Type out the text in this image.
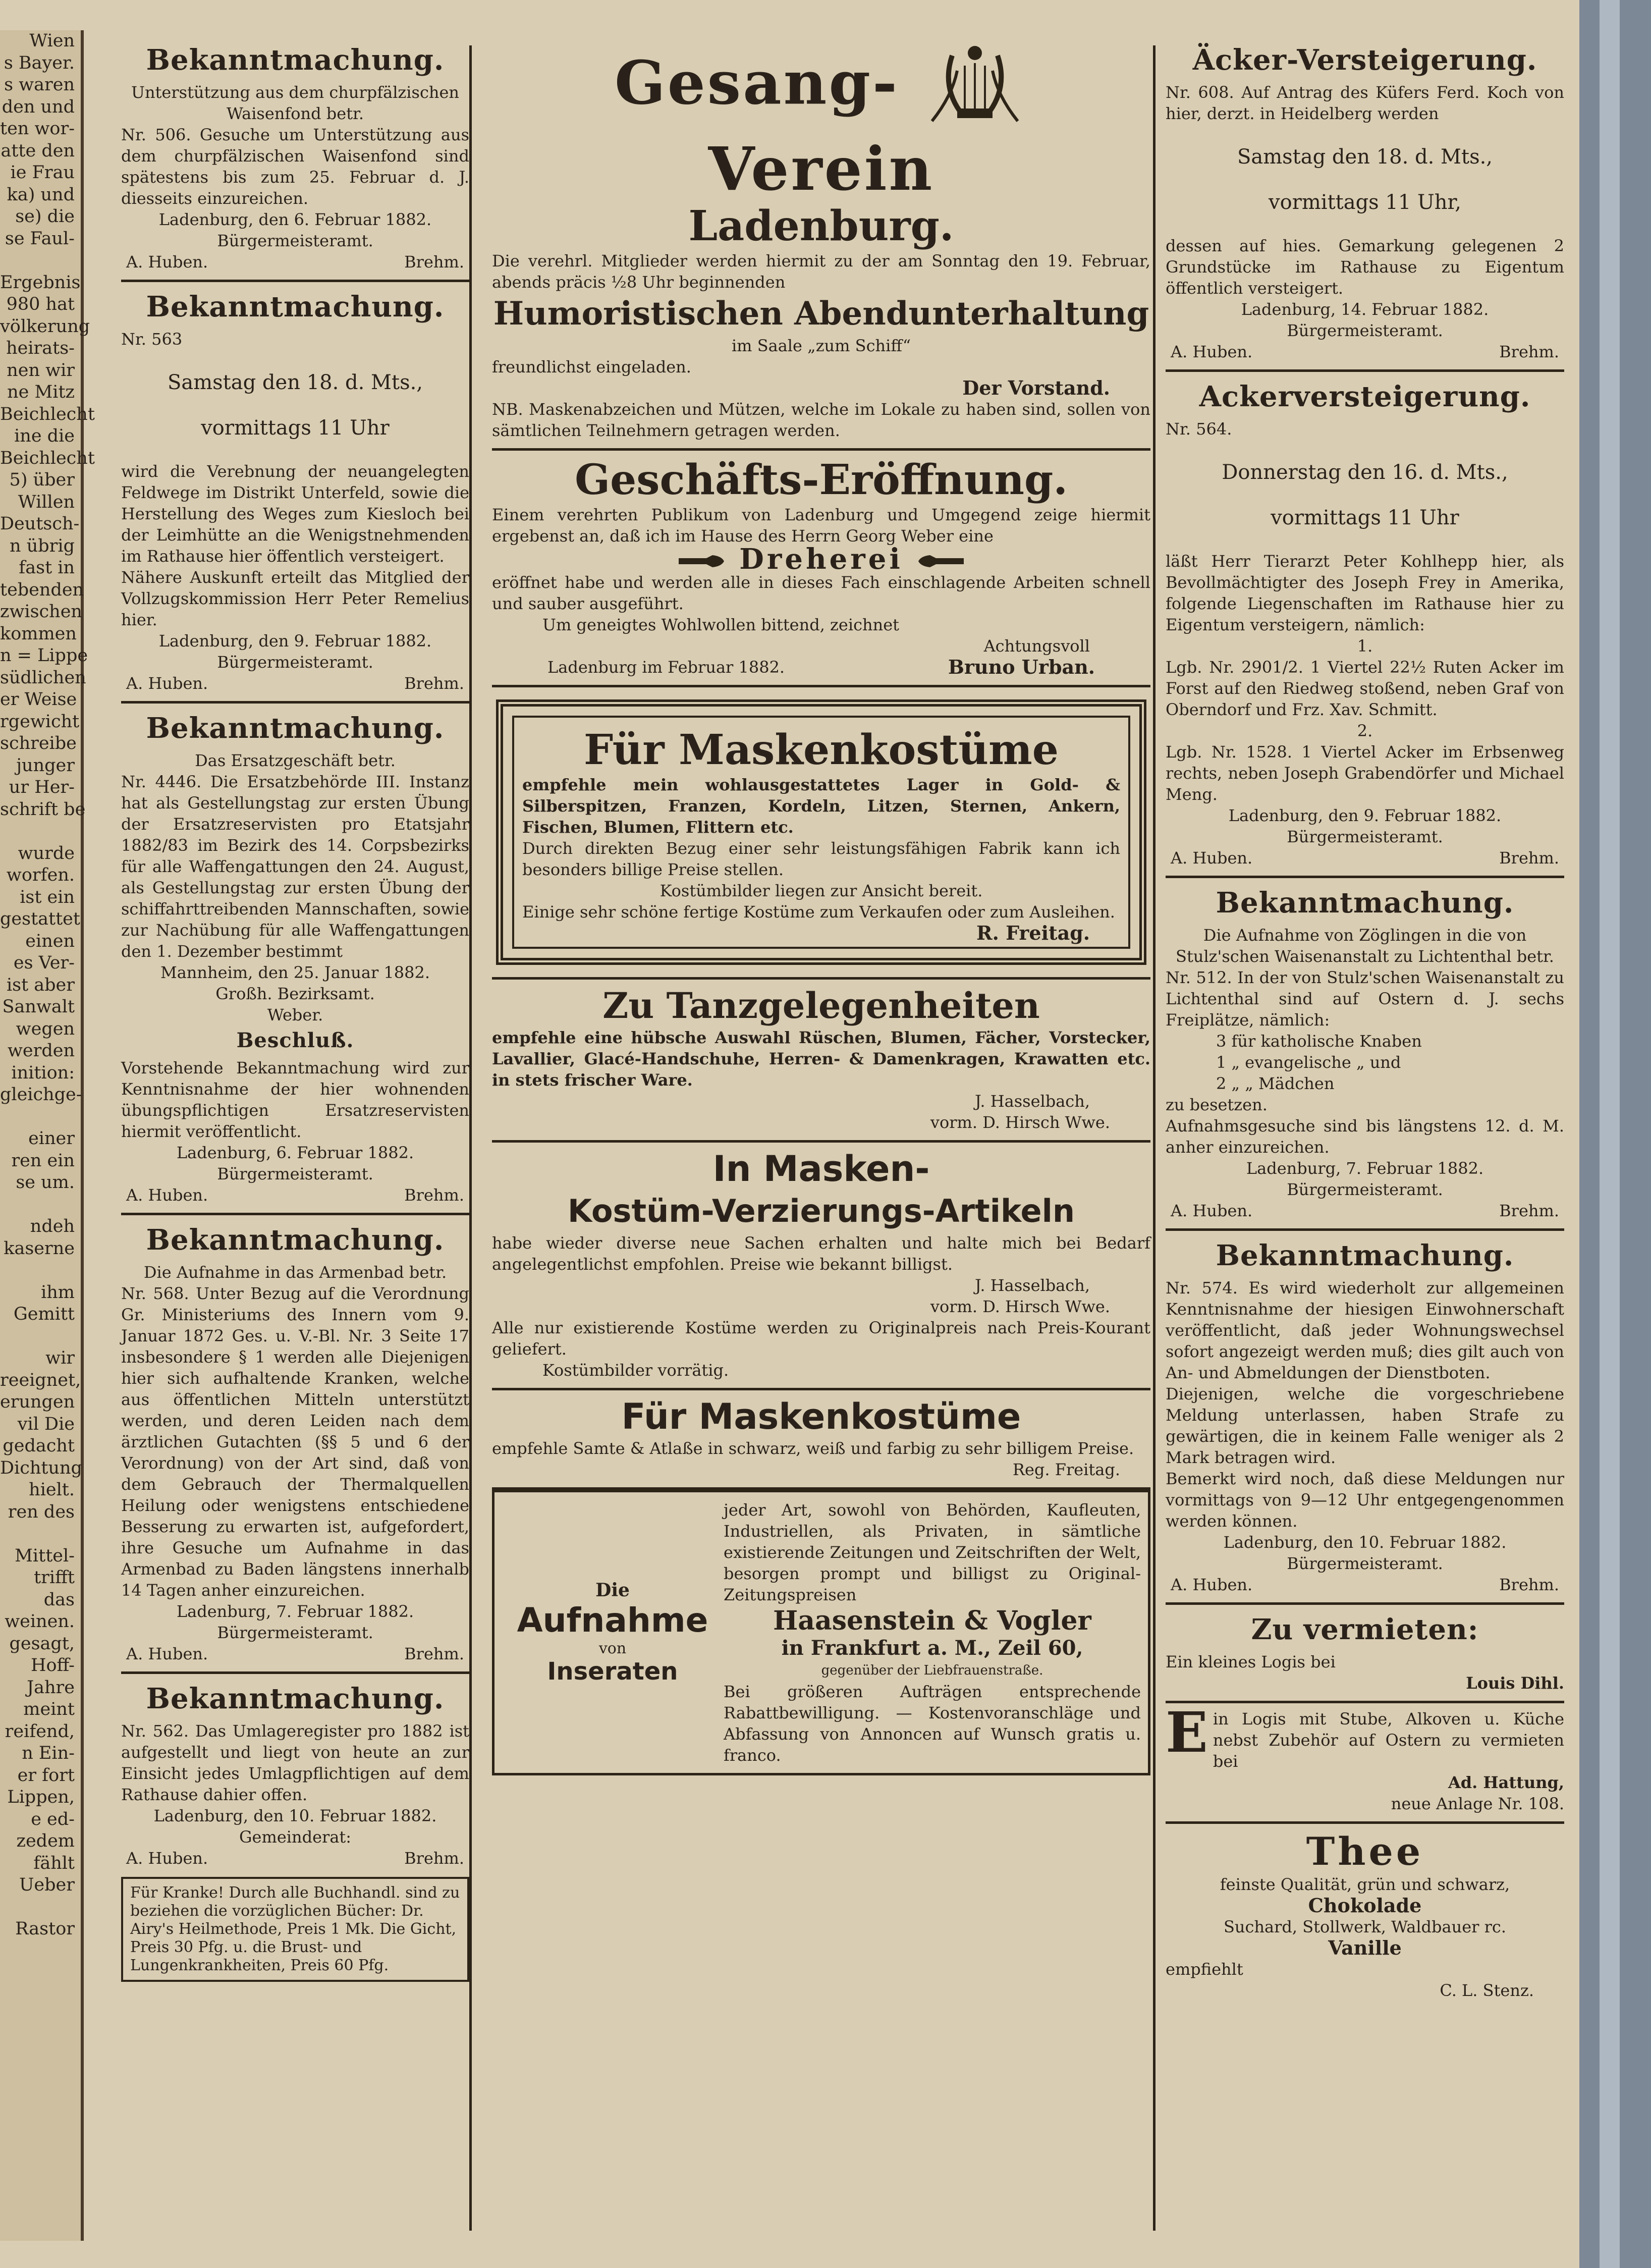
Wien
s Bayer.
s waren
den und
ten wor-
atte den
ie Frau
ka) und
se) die
se Faul-

Ergebnis
980 hat
völkerung
heirats-
nen wir
ne Mitz
Beichlecht
ine die
Beichlecht
5) über
Willen
Deutsch-
n übrig
fast in
tebenden
zwischen
kommen
n = Lippe
südlichen
er Weise
rgewicht
schreibe
junger
ur Her-
schrift be

wurde
worfen.
ist ein
gestattet
einen
es Ver-
ist aber
Sanwalt
wegen
werden
inition:
gleichge-

einer
ren ein
se um.

ndeh
kaserne

ihm
Gemitt

wir
reeignet,
erungen
vil Die
gedacht
Dichtung
hielt.
ren des

Mittel-
trifft
das
weinen.
gesagt,
Hoff-
Jahre
meint
reifend,
n Ein-
er fort
Lippen,
e ed-
zedem
fählt
Ueber

Rastor
Bekanntmachung.

Unterstützung aus dem churpfälzischen Waisenfond betr.

Nr. 506. Gesuche um Unterstützung aus dem churpfälzischen Waisenfond sind spätestens bis zum 25. Februar d. J. diesseits einzureichen.

Ladenburg, den 6. Februar 1882.

Bürgermeisteramt.

A. Huben.	Brehm.
Bekanntmachung.

Nr. 563

Samstag den 18. d. Mts.,

vormittags 11 Uhr

wird die Verebnung der neuangelegten Feldwege im Distrikt Unterfeld, sowie die Herstellung des Weges zum Kiesloch bei der Leimhütte an die Wenigstnehmenden im Rathause hier öffentlich versteigert.

Nähere Auskunft erteilt das Mitglied der Vollzugskommission Herr Peter Remelius hier.

Ladenburg, den 9. Februar 1882.

Bürgermeisteramt.

A. Huben.	Brehm.
Bekanntmachung.

Das Ersatzgeschäft betr.

Nr. 4446. Die Ersatzbehörde III. Instanz hat als Gestellungstag zur ersten Übung der Ersatzreservisten pro Etatsjahr 1882/83 im Bezirk des 14. Corpsbezirks für alle Waffengattungen den 24. August, als Gestellungstag zur ersten Übung der schiffahrttreibenden Mannschaften, sowie zur Nachübung für alle Waffengattungen den 1. Dezember bestimmt

Mannheim, den 25. Januar 1882.

Großh. Bezirksamt.

Weber.

Beschluß.

Vorstehende Bekanntmachung wird zur Kenntnisnahme der hier wohnenden übungspflichtigen Ersatzreservisten hiermit veröffentlicht.

Ladenburg, 6. Februar 1882.

Bürgermeisteramt.

A. Huben.	Brehm.
Bekanntmachung.

Die Aufnahme in das Armenbad betr.

Nr. 568. Unter Bezug auf die Verordnung Gr. Ministeriums des Innern vom 9. Januar 1872 Ges. u. V.-Bl. Nr. 3 Seite 17 insbesondere § 1 werden alle Diejenigen hier sich aufhaltende Kranken, welche aus öffentlichen Mitteln unterstützt werden, und deren Leiden nach dem ärztlichen Gutachten (§§ 5 und 6 der Verordnung) von der Art sind, daß von dem Gebrauch der Thermalquellen Heilung oder wenigstens entschiedene Besserung zu erwarten ist, aufgefordert, ihre Gesuche um Aufnahme in das Armenbad zu Baden längstens innerhalb 14 Tagen anher einzureichen.

Ladenburg, 7. Februar 1882.

Bürgermeisteramt.

A. Huben.	Brehm.
Bekanntmachung.

Nr. 562. Das Umlageregister pro 1882 ist aufgestellt und liegt von heute an zur Einsicht jedes Umlagpflichtigen auf dem Rathause dahier offen.

Ladenburg, den 10. Februar 1882.

Gemeinderat:

A. Huben.	Brehm.
Für Kranke! Durch alle Buchhandl. sind zu beziehen die vorzüglichen Bücher: Dr. Airy's Heilmethode, Preis 1 Mk. Die Gicht, Preis 30 Pfg. u. die Brust- und Lungenkrankheiten, Preis 60 Pfg.
Gesang-  Verein
Ladenburg.

Die verehrl. Mitglieder werden hiermit zu der am Sonntag den 19. Februar, abends präcis ½8 Uhr beginnenden

Humoristischen Abendunterhaltung

im Saale „zum Schiff“

freundlichst eingeladen.

Der Vorstand.

NB. Maskenabzeichen und Mützen, welche im Lokale zu haben sind, sollen von sämtlichen Teilnehmern getragen werden.

Geschäfts-Eröffnung.

Einem verehrten Publikum von Ladenburg und Umgegend zeige hiermit ergebenst an, daß ich im Hause des Herrn Georg Weber eine

Dreherei

eröffnet habe und werden alle in dieses Fach einschlagende Arbeiten schnell und sauber ausgeführt.

Um geneigtes Wohlwollen bittend, zeichnet

Achtungsvoll

Ladenburg im Februar 1882.	Bruno Urban.
Für Maskenkostüme

empfehle mein wohlausgestattetes Lager in Gold- & Silberspitzen, Franzen, Kordeln, Litzen, Sternen, Ankern, Fischen, Blumen, Flittern etc.

Durch direkten Bezug einer sehr leistungsfähigen Fabrik kann ich besonders billige Preise stellen.

Kostümbilder liegen zur Ansicht bereit.

Einige sehr schöne fertige Kostüme zum Verkaufen oder zum Ausleihen.

R. Freitag.

Zu Tanzgelegenheiten

empfehle eine hübsche Auswahl Rüschen, Blumen, Fächer, Vorstecker, Lavallier, Glacé-Handschuhe, Herren- & Damenkragen, Krawatten etc. in stets frischer Ware.

J. Hasselbach,

vorm. D. Hirsch Wwe.

In Masken-
Kostüm-Verzierungs-Artikeln

habe wieder diverse neue Sachen erhalten und halte mich bei Bedarf angelegentlichst empfohlen. Preise wie bekannt billigst.

J. Hasselbach,

vorm. D. Hirsch Wwe.

Alle nur existierende Kostüme werden zu Originalpreis nach Preis-Kourant geliefert.

Kostümbilder vorrätig.

Für Maskenkostüme

empfehle Samte & Atlaße in schwarz, weiß und farbig zu sehr billigem Preise.

Reg. Freitag.

Die
Aufnahme
von
Inseraten

jeder Art, sowohl von Behörden, Kaufleuten, Industriellen, als Privaten, in sämtliche existierende Zeitungen und Zeitschriften der Welt, besorgen prompt und billigst zu Original-Zeitungspreisen

Haasenstein & Vogler
in Frankfurt a. M., Zeil 60,

gegenüber der Liebfrauenstraße.

Bei größeren Aufträgen entsprechende Rabattbewilligung. — Kostenvoranschläge und Abfassung von Annoncen auf Wunsch gratis u. franco.

Äcker-Versteigerung.

Nr. 608. Auf Antrag des Küfers Ferd. Koch von hier, derzt. in Heidelberg werden

Samstag den 18. d. Mts.,

vormittags 11 Uhr,

dessen auf hies. Gemarkung gelegenen 2 Grundstücke im Rathause zu Eigentum öffentlich versteigert.

Ladenburg, 14. Februar 1882.

Bürgermeisteramt.

A. Huben.	Brehm.
Ackerversteigerung.

Nr. 564.

Donnerstag den 16. d. Mts.,

vormittags 11 Uhr

läßt Herr Tierarzt Peter Kohlhepp hier, als Bevollmächtigter des Joseph Frey in Amerika, folgende Liegenschaften im Rathause hier zu Eigentum versteigern, nämlich:

1.

Lgb. Nr. 2901/2. 1 Viertel 22½ Ruten Acker im Forst auf den Riedweg stoßend, neben Graf von Oberndorf und Frz. Xav. Schmitt.

2.

Lgb. Nr. 1528. 1 Viertel Acker im Erbsenweg rechts, neben Joseph Grabendörfer und Michael Meng.

Ladenburg, den 9. Februar 1882.

Bürgermeisteramt.

A. Huben.	Brehm.
Bekanntmachung.

Die Aufnahme von Zöglingen in die von Stulz'schen Waisenanstalt zu Lichtenthal betr.

Nr. 512. In der von Stulz'schen Waisenanstalt zu Lichtenthal sind auf Ostern d. J. sechs Freiplätze, nämlich:

3 für katholische Knaben

1 „ evangelische „ und

2 „ „ Mädchen

zu besetzen.

Aufnahmsgesuche sind bis längstens 12. d. M. anher einzureichen.

Ladenburg, 7. Februar 1882.

Bürgermeisteramt.

A. Huben.	Brehm.
Bekanntmachung.

Nr. 574. Es wird wiederholt zur allgemeinen Kenntnisnahme der hiesigen Einwohnerschaft veröffentlicht, daß jeder Wohnungswechsel sofort angezeigt werden muß; dies gilt auch von An- und Abmeldungen der Dienstboten.

Diejenigen, welche die vorgeschriebene Meldung unterlassen, haben Strafe zu gewärtigen, die in keinem Falle weniger als 2 Mark betragen wird.

Bemerkt wird noch, daß diese Meldungen nur vormittags von 9—12 Uhr entgegengenommen werden können.

Ladenburg, den 10. Februar 1882.

Bürgermeisteramt.

A. Huben.	Brehm.
Zu vermieten:

Ein kleines Logis bei

Louis Dihl.

E in Logis mit Stube, Alkoven u. Küche nebst Zubehör auf Ostern zu vermieten bei

Ad. Hattung,

neue Anlage Nr. 108.

Thee

feinste Qualität, grün und schwarz,

Chokolade

Suchard, Stollwerk, Waldbauer rc.

Vanille

empfiehlt

C. L. Stenz.
